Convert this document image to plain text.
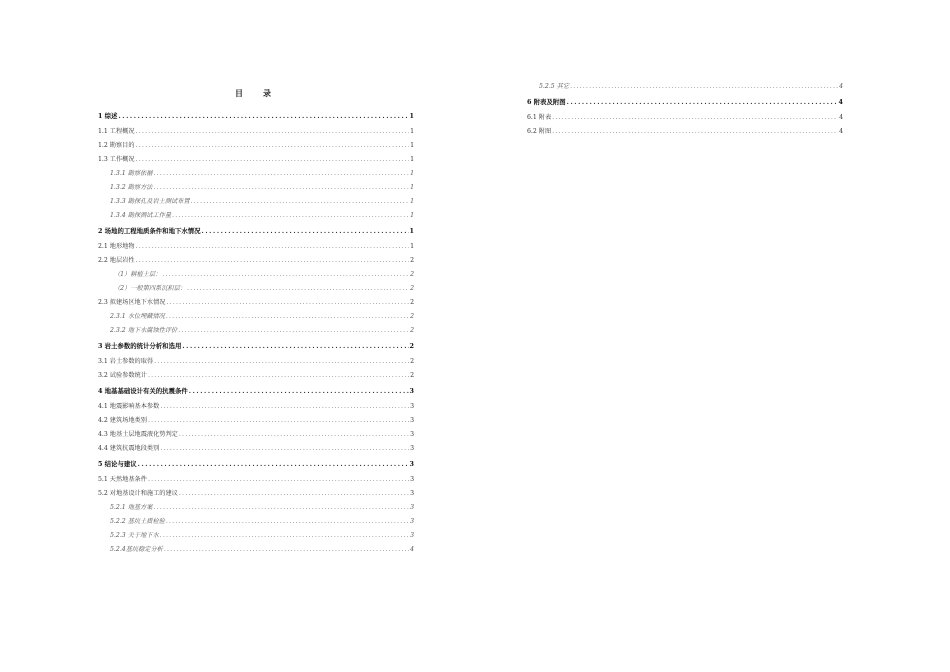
目　录
1 综述 .....	1
1.1 工程概况 .....	1
1.2 勘察目的 .....	1
1.3 工作概况 .....	1
1.3.1 勘察依据 .....	1
1.3.2 勘察方法 .....	1
1.3.3 勘探孔及岩土测试布置 .....	1
1.3.4 勘探测试工作量 .....	1
2 场地的工程地质条件和地下水情况 .....	1
2.1 地形地物 .....	1
2.2 地层岩性 .....	2
（1）耕植土层： .....	2
（2）一般第四系沉积层： .....	2
2.3 拟建场区地下水情况 .....	2
2.3.1 水位埋藏情况 .....	2
2.3.2 地下水腐蚀性评价 .....	2
3 岩土参数的统计分析和选用 .....	2
3.1 岩土参数的取得 .....	2
3.2 试验参数统计 .....	2
4 地基基础设计有关的抗震条件 .....	3
4.1 地震影响基本参数 .....	3
4.2 建筑场地类别 .....	3
4.3 地基土层地震液化势判定 .....	3
4.4 建筑抗震地段类别 .....	3
5 结论与建议 .....	3
5.1 天然地基条件 .....	3
5.2 对地基设计和施工的建议 .....	3
5.2.1 地基方案 .....	3
5.2.2 基坑土质检验 .....	3
5.2.3 关于地下水 .....	3
5.2.4基坑稳定分析 .....	4
5.2.5 其它 .....	4
6 附表及附图 .....	4
6.1 附表 .....	4
6.2 附图 .....	4
